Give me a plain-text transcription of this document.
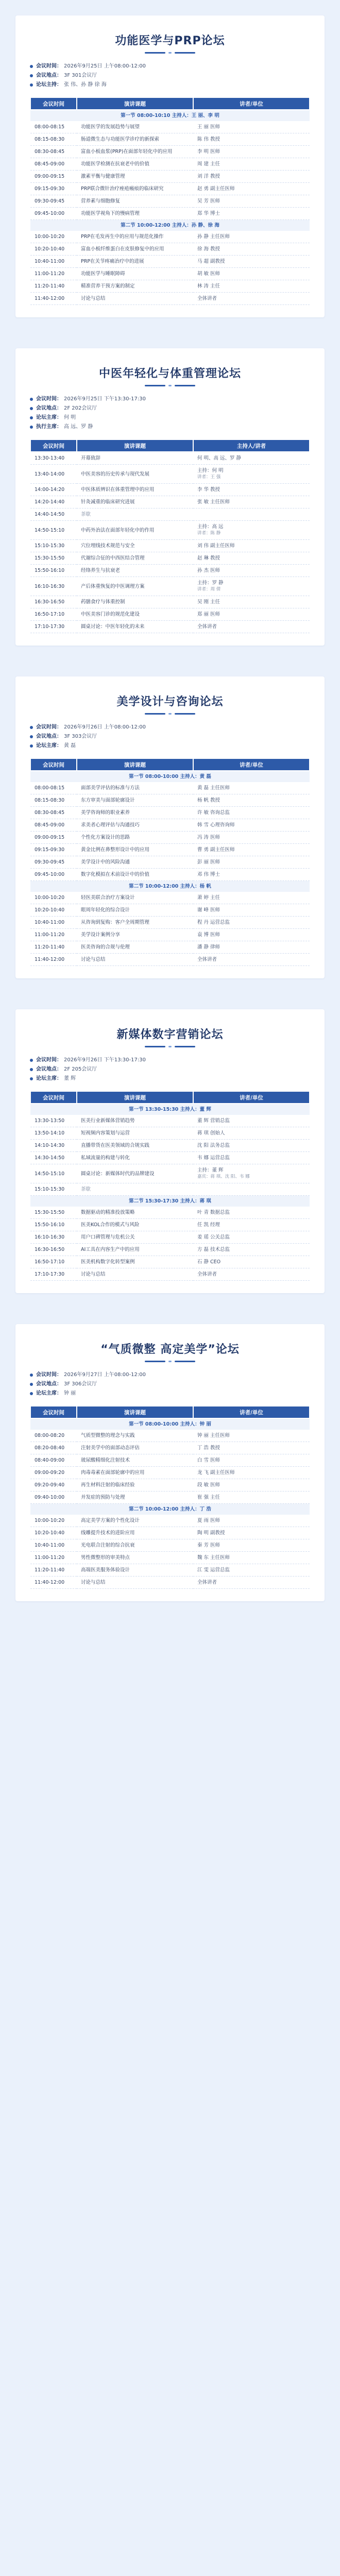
功能医学与PRP论坛
会议时间： 2026年9月25日 上午08:00-12:00
会议地点： 3F 301会议厅
论坛主持： 张 伟、孙 静 徐 海
会议时间	演讲课题	讲者/单位
第一节 08:00-10:10 主持人：王 丽、李 明		
08:00-08:15	功能医学的发展趋势与展望	王 丽 医师
08:15-08:30	肠道微生态与功能医学诊疗的新探索	陈 伟 教授
08:30-08:45	富血小板血浆(PRP)在面部年轻化中的应用	李 明 医师
08:45-09:00	功能医学检测在抗衰老中的价值	周 建 主任
09:00-09:15	激素平衡与健康管理	刘 洋 教授
09:15-09:30	PRP联合微针治疗痤疮瘢痕的临床研究	赵 勇 副主任医师
09:30-09:45	营养素与细胞修复	吴 芳 医师
09:45-10:00	功能医学视角下的慢病管理	郑 华 博士
第二节 10:00-12:00 主持人：孙 静、徐 海		
10:00-10:20	PRP在毛发再生中的应用与规范化操作	孙 静 主任医师
10:20-10:40	富血小板纤维蛋白在皮肤修复中的应用	徐 海 教授
10:40-11:00	PRP在关节疼痛治疗中的进展	马 超 副教授
11:00-11:20	功能医学与睡眠障碍	胡 敏 医师
11:20-11:40	精准营养干预方案的制定	林 涛 主任
11:40-12:00	讨论与总结	全体讲者
中医年轻化与体重管理论坛
会议时间： 2026年9月25日 下午13:30-17:30
会议地点： 2F 202会议厅
论坛主席： 何 明
执行主席： 高 远、罗 静
会议时间	演讲课题	主持人/讲者
13:30-13:40	开幕致辞	何 明、高 远、罗 静
13:40-14:00	中医美容的历史传承与现代发展	主持：何 明
讲者：王 强

14:00-14:20	中医体质辨识在体重管理中的应用	李 华 教授
14:20-14:40	针灸减重的临床研究进展	张 敏 主任医师
14:40-14:50	茶歇	
14:50-15:10	中药外治法在面部年轻化中的作用	主持：高 远
讲者：陈 静

15:10-15:30	穴位埋线技术规范与安全	刘 伟 副主任医师
15:30-15:50	代谢综合征的中西医结合管理	赵 琳 教授
15:50-16:10	经络养生与抗衰老	孙 杰 医师
16:10-16:30	产后体重恢复的中医调理方案	主持：罗 静
讲者：周 倩

16:30-16:50	药膳食疗与体重控制	吴 刚 主任
16:50-17:10	中医美容门诊的规范化建设	郑 丽 医师
17:10-17:30	圆桌讨论：中医年轻化的未来	全体讲者
美学设计与咨询论坛
会议时间： 2026年9月26日 上午08:00-12:00
会议地点： 3F 303会议厅
论坛主席： 黄 磊
会议时间	演讲课题	讲者/单位
第一节 08:00-10:00 主持人：黄 磊		
08:00-08:15	面部美学评估的标准与方法	黄 磊 主任医师
08:15-08:30	东方审美与面部轮廓设计	杨 帆 教授
08:30-08:45	美学咨询师的职业素养	许 敏 咨询总监
08:45-09:00	求美者心理评估与沟通技巧	韩 雪 心理咨询师
09:00-09:15	个性化方案设计的思路	冯 涛 医师
09:15-09:30	黄金比例在鼻整形设计中的应用	曹 勇 副主任医师
09:30-09:45	美学设计中的风险沟通	彭 丽 医师
09:45-10:00	数字化模拟在术前设计中的价值	邓 伟 博士
第二节 10:00-12:00 主持人：杨 帆		
10:00-10:20	轻医美联合治疗方案设计	萧 婷 主任
10:20-10:40	眼周年轻化的综合设计	谢 峰 医师
10:40-11:00	从咨询到复购：客户全周期管理	程 丹 运营总监
11:00-11:20	美学设计案例分享	袁 博 医师
11:20-11:40	医美咨询的合规与伦理	潘 静 律师
11:40-12:00	讨论与总结	全体讲者
新媒体数字营销论坛
会议时间： 2026年9月26日 下午13:30-17:30
会议地点： 2F 205会议厅
论坛主席： 董 辉
会议时间	演讲课题	讲者/单位
第一节 13:30-15:30 主持人：董 辉		
13:30-13:50	医美行业新媒体营销趋势	董 辉 营销总监
13:50-14:10	短视频内容策划与运营	蒋 琪 创始人
14:10-14:30	直播带货在医美领域的合规实践	沈 阳 法务总监
14:30-14:50	私域流量的构建与转化	韦 娜 运营总监
14:50-15:10	圆桌讨论：新媒体时代的品牌建设	主持：董 辉
嘉宾：蒋 琪、沈 阳、韦 娜

15:10-15:30	茶歇	
第二节 15:30-17:30 主持人：蒋 琪		
15:30-15:50	数据驱动的精准投放策略	叶 青 数据总监
15:50-16:10	医美KOL合作的模式与风险	任 凯 经理
16:10-16:30	用户口碑管理与危机公关	姜 瑶 公关总监
16:30-16:50	AI工具在内容生产中的应用	方 磊 技术总监
16:50-17:10	医美机构数字化转型案例	石 静 CEO
17:10-17:30	讨论与总结	全体讲者
“气质微整 高定美学”论坛
会议时间： 2026年9月27日 上午08:00-12:00
会议地点： 3F 306会议厅
论坛主席： 钟 丽
会议时间	演讲课题	讲者/单位
第一节 08:00-10:00 主持人：钟 丽		
08:00-08:20	气质型微整的理念与实践	钟 丽 主任医师
08:20-08:40	注射美学中的面部动态评估	丁 浩 教授
08:40-09:00	玻尿酸精细化注射技术	白 雪 医师
09:00-09:20	肉毒毒素在面部轮廓中的应用	龙 飞 副主任医师
09:20-09:40	再生材料注射的临床经验	段 敏 医师
09:40-10:00	并发症的预防与处理	崔 强 主任
第二节 10:00-12:00 主持人：丁 浩		
10:00-10:20	高定美学方案的个性化设计	夏 雨 医师
10:20-10:40	线雕提升技术的进阶应用	陶 明 副教授
10:40-11:00	光电联合注射的综合抗衰	秦 芳 医师
11:00-11:20	男性微整形的审美特点	魏 东 主任医师
11:20-11:40	高端医美服务体验设计	江 雯 运营总监
11:40-12:00	讨论与总结	全体讲者
